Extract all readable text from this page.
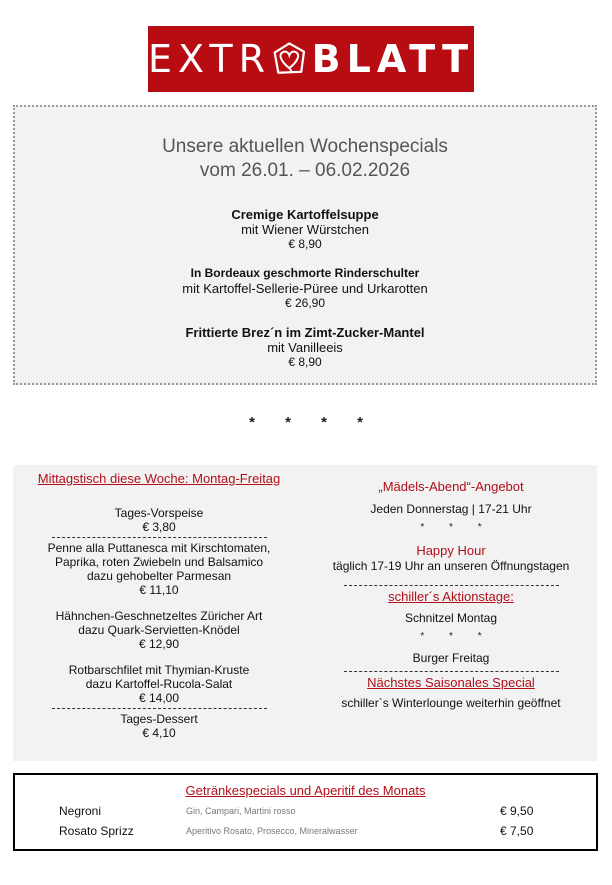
EXTR BLATT
Unsere aktuellen Wochenspecials
vom 26.01. – 06.02.2026
Cremige Kartoffelsuppe
mit Wiener Würstchen
€ 8,90
In Bordeaux geschmorte Rinderschulter
mit Kartoffel-Sellerie-Püree und Urkarotten
€ 26,90
Frittierte Brez´n im Zimt-Zucker-Mantel
mit Vanilleeis
€ 8,90
* * * *
Mittagstisch diese Woche: Montag-Freitag
Tages-Vorspeise
€ 3,80
Penne alla Puttanesca mit Kirschtomaten,
Paprika, roten Zwiebeln und Balsamico
dazu gehobelter Parmesan
€ 11,10
Hähnchen-Geschnetzeltes Züricher Art
dazu Quark-Servietten-Knödel
€ 12,90
Rotbarschfilet mit Thymian-Kruste
dazu Kartoffel-Rucola-Salat
€ 14,00
Tages-Dessert
€ 4,10
„Mädels-Abend“-Angebot
Jeden Donnerstag | 17-21 Uhr
* * *
Happy Hour
täglich 17-19 Uhr an unseren Öffnungstagen
schiller´s Aktionstage:
Schnitzel Montag
* * *
Burger Freitag
Nächstes Saisonales Special
schiller`s Winterlounge weiterhin geöffnet
Getränkespecials und Aperitif des Monats
Negroni	Gin, Campari, Martini rosso	€ 9,50
Rosato Sprizz	Aperitivo Rosato, Prosecco, Mineralwasser	€ 7,50
